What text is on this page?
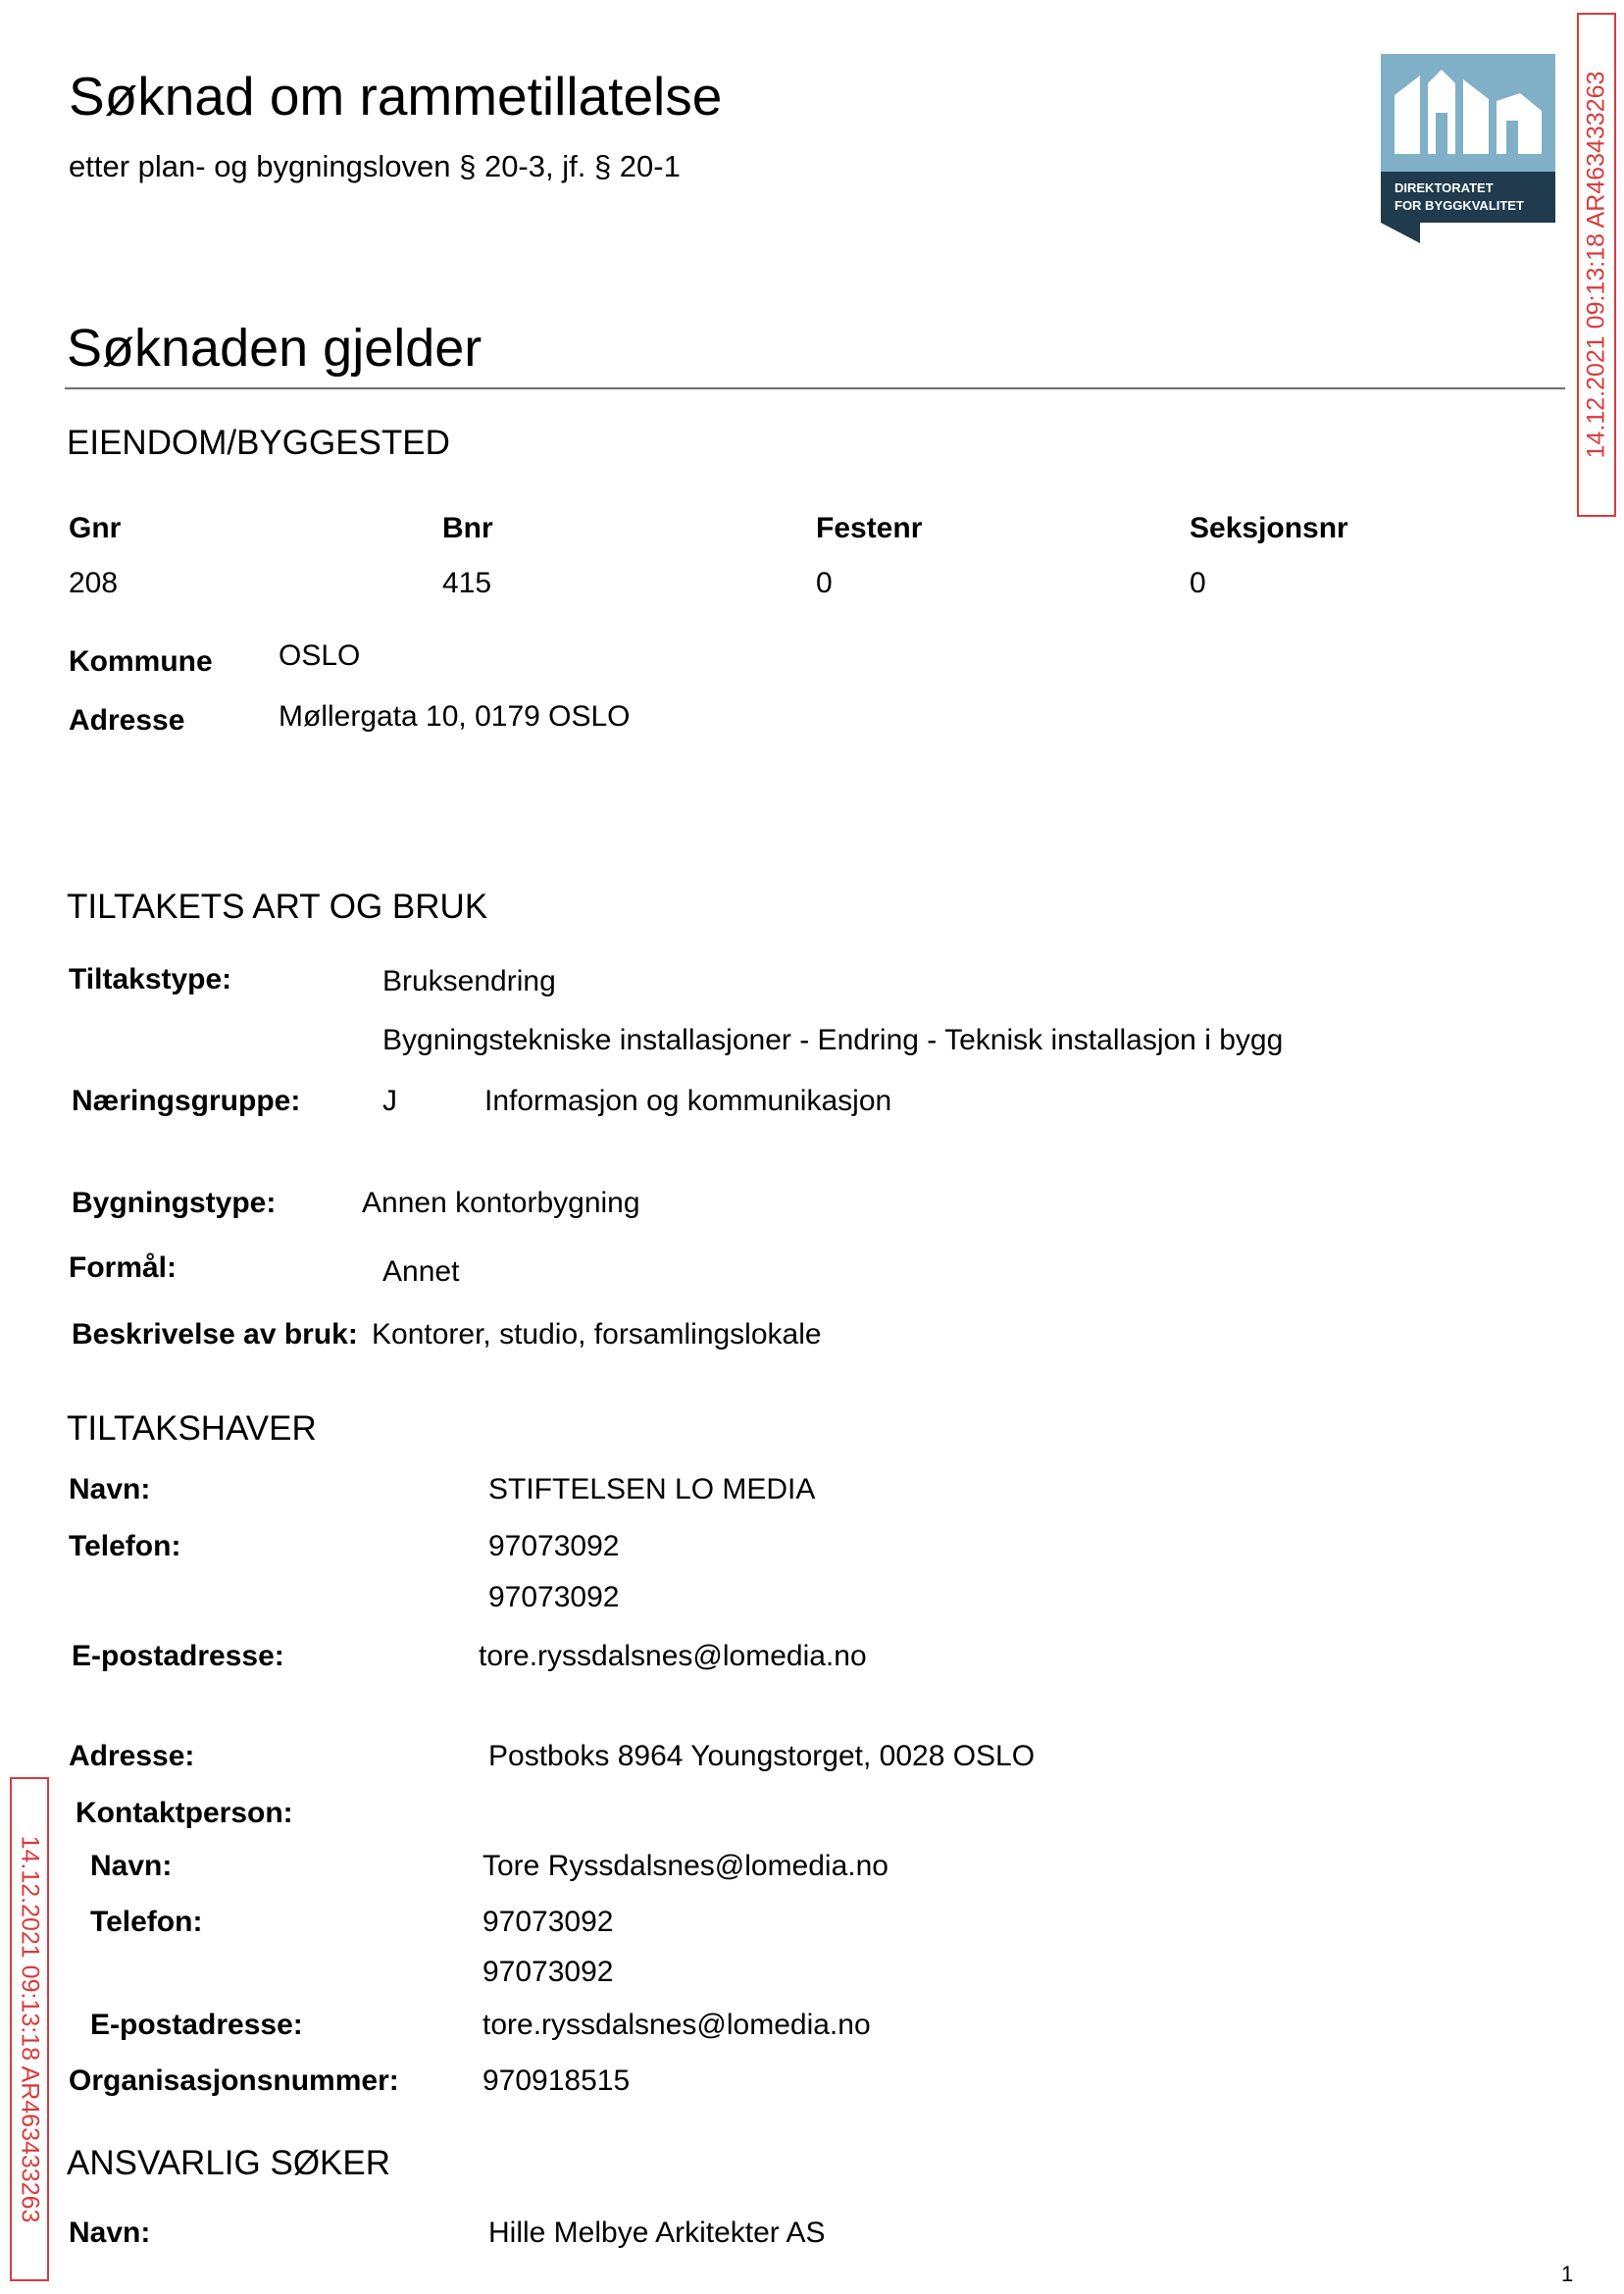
Søknad om rammetillatelse
etter plan- og bygningsloven § 20-3, jf. § 20-1
DIREKTORATET
FOR BYGGKVALITET 14.12.2021 09:13:18 AR463433263
Søknaden gjelder
EIENDOM/BYGGESTED
Gnr	Bnr	Festenr	Seksjonsnr
208	415	0	0
Kommune OSLO
Adresse	Møllergata 10, 0179 OSLO
TILTAKETS ART OG BRUK
Tiltakstype:	Bruksendring
Bygningstekniske installasjoner - Endring - Teknisk installasjon i bygg
Næringsgruppe:	J	Informasjon og kommunikasjon
Bygningstype:	Annen kontorbygning
Formål:	Annet
Beskrivelse av bruk: Kontorer, studio, forsamlingslokale
TILTAKSHAVER
Navn:	STIFTELSEN LO MEDIA
Telefon:	97073092
97073092
E-postadresse:	tore.ryssdalsnes@lomedia.no
Adresse:	Postboks 8964 Youngstorget, 0028 OSLO
Kontaktperson:
Navn:	Tore Ryssdalsnes@lomedia.no
Telefon:	97073092
97073092
E-postadresse:	tore.ryssdalsnes@lomedia.no
Organisasjonsnummer:	970918515
ANSVARLIG SØKER
Navn:	Hille Melbye Arkitekter AS
14.12.2021 09:13:18 AR463433263
1
